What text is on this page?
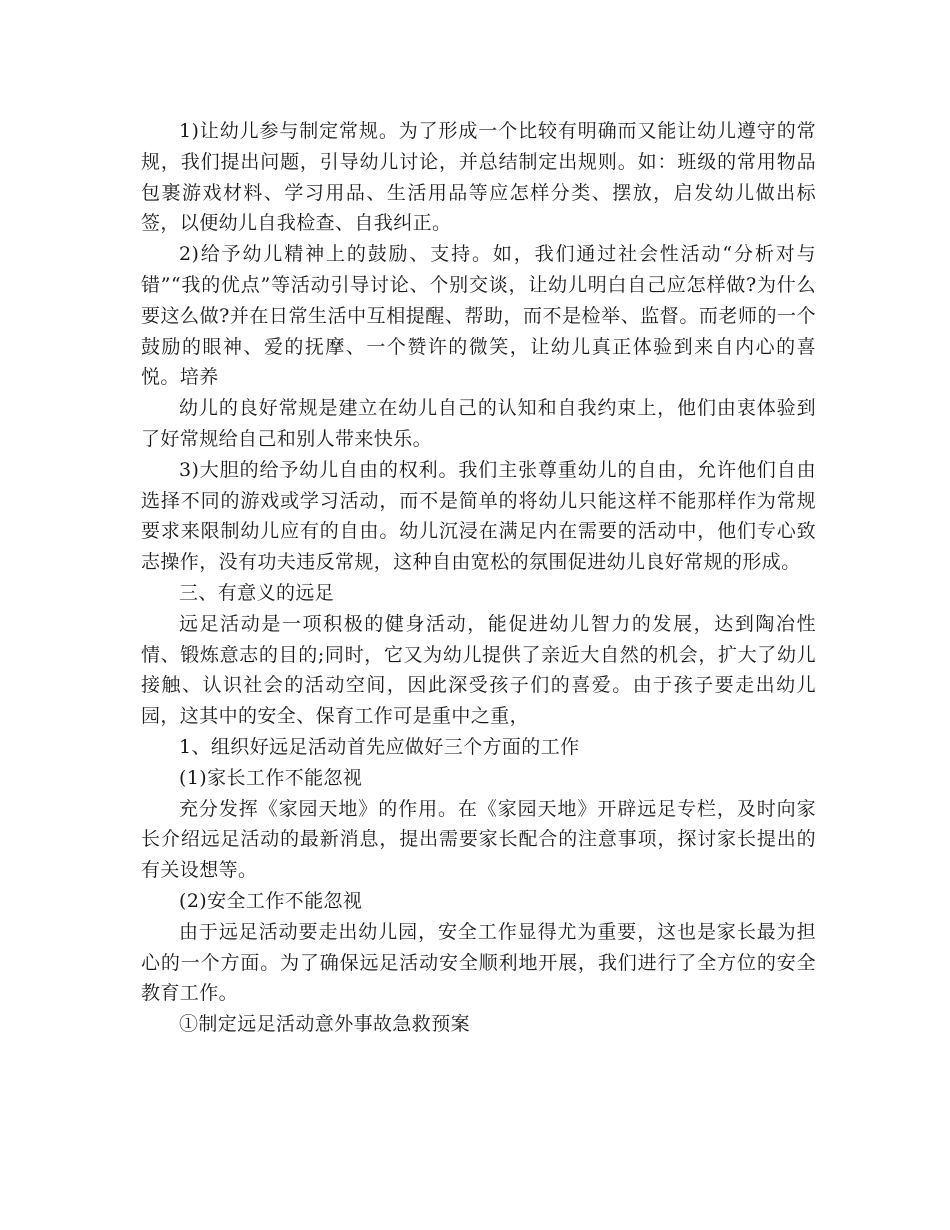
1)让幼儿参与制定常规。为了形成一个比较有明确而又能让幼儿遵守的常规，我们提出问题，引导幼儿讨论，并总结制定出规则。如：班级的常用物品包裹游戏材料、学习用品、生活用品等应怎样分类、摆放，启发幼儿做出标签，以便幼儿自我检查、自我纠正。

2)给予幼儿精神上的鼓励、支持。如，我们通过社会性活动“分析对与错”“我的优点”等活动引导讨论、个别交谈，让幼儿明白自己应怎样做?为什么要这么做?并在日常生活中互相提醒、帮助，而不是检举、监督。而老师的一个鼓励的眼神、爱的抚摩、一个赞许的微笑，让幼儿真正体验到来自内心的喜悦。培养

幼儿的良好常规是建立在幼儿自己的认知和自我约束上，他们由衷体验到了好常规给自己和别人带来快乐。

3)大胆的给予幼儿自由的权利。我们主张尊重幼儿的自由，允许他们自由选择不同的游戏或学习活动，而不是简单的将幼儿只能这样不能那样作为常规要求来限制幼儿应有的自由。幼儿沉浸在满足内在需要的活动中，他们专心致志操作，没有功夫违反常规，这种自由宽松的氛围促进幼儿良好常规的形成。

三、有意义的远足

远足活动是一项积极的健身活动，能促进幼儿智力的发展，达到陶冶性情、锻炼意志的目的;同时，它又为幼儿提供了亲近大自然的机会，扩大了幼儿接触、认识社会的活动空间，因此深受孩子们的喜爱。由于孩子要走出幼儿园，这其中的安全、保育工作可是重中之重，

1、组织好远足活动首先应做好三个方面的工作

(1)家长工作不能忽视

充分发挥《家园天地》的作用。在《家园天地》开辟远足专栏，及时向家长介绍远足活动的最新消息，提出需要家长配合的注意事项，探讨家长提出的有关设想等。

(2)安全工作不能忽视

由于远足活动要走出幼儿园，安全工作显得尤为重要，这也是家长最为担心的一个方面。为了确保远足活动安全顺利地开展，我们进行了全方位的安全教育工作。

①制定远足活动意外事故急救预案
